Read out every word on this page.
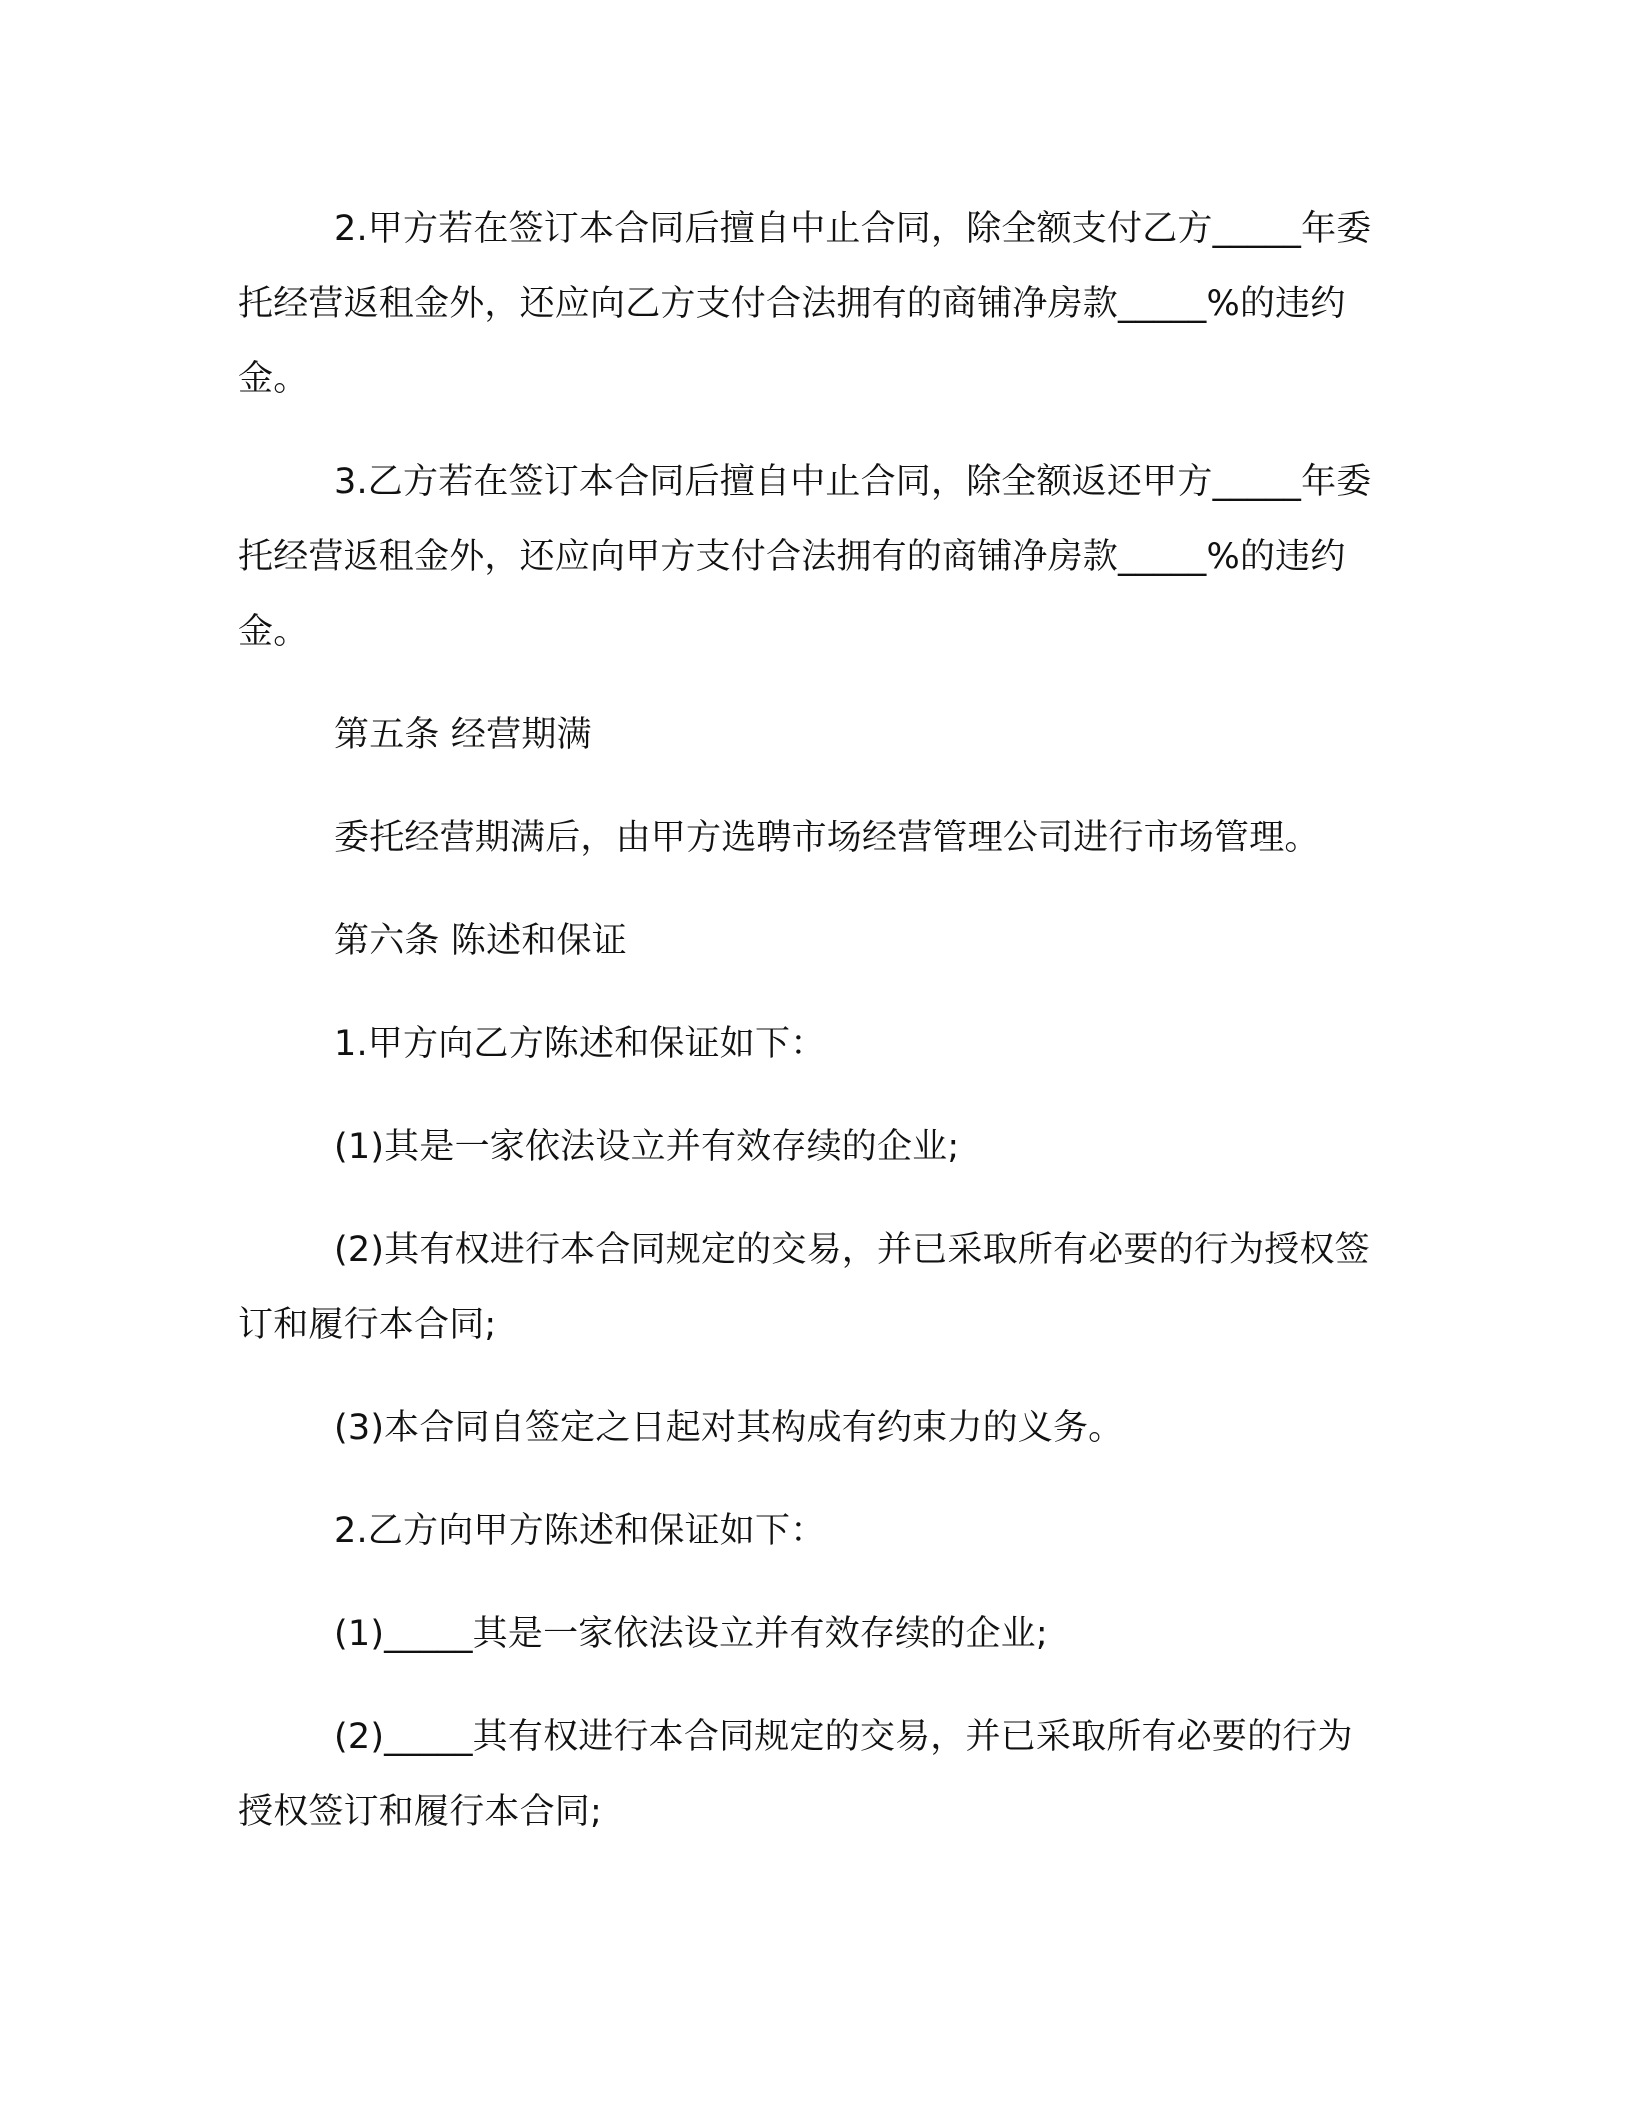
2.甲方若在签订本合同后擅自中止合同，除全额支付乙方_____年委托经营返租金外，还应向乙方支付合法拥有的商铺净房款_____%的违约金。

3.乙方若在签订本合同后擅自中止合同，除全额返还甲方_____年委托经营返租金外，还应向甲方支付合法拥有的商铺净房款_____%的违约金。

第五条 经营期满

委托经营期满后，由甲方选聘市场经营管理公司进行市场管理。

第六条 陈述和保证

1.甲方向乙方陈述和保证如下：

(1)其是一家依法设立并有效存续的企业;

(2)其有权进行本合同规定的交易，并已采取所有必要的行为授权签订和履行本合同;

(3)本合同自签定之日起对其构成有约束力的义务。

2.乙方向甲方陈述和保证如下：

(1)_____其是一家依法设立并有效存续的企业;

(2)_____其有权进行本合同规定的交易，并已采取所有必要的行为授权签订和履行本合同;
